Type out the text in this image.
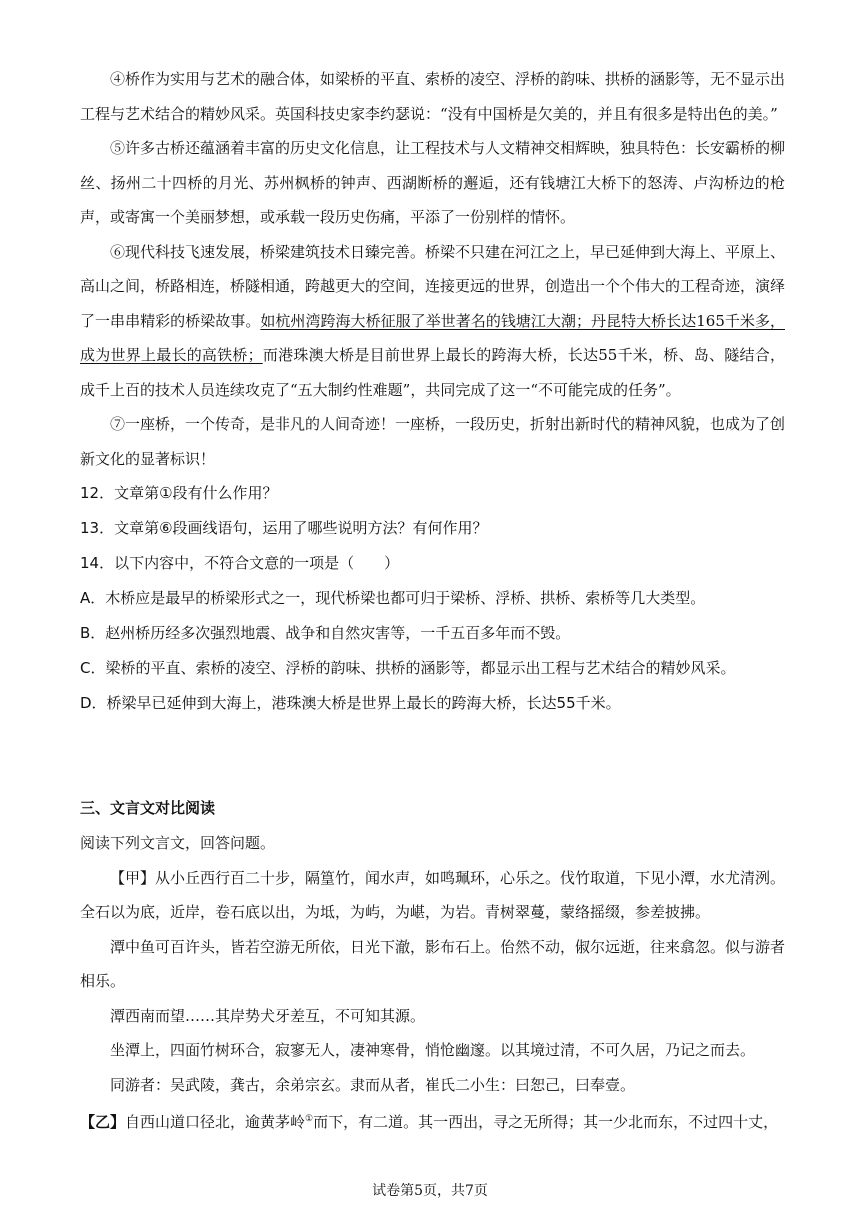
④桥作为实用与艺术的融合体，如梁桥的平直、索桥的凌空、浮桥的韵味、拱桥的涵影等，无不显示出工程与艺术结合的精妙风采。英国科技史家李约瑟说：“没有中国桥是欠美的，并且有很多是特出色的美。”

⑤许多古桥还蕴涵着丰富的历史文化信息，让工程技术与人文精神交相辉映，独具特色：长安霸桥的柳丝、扬州二十四桥的月光、苏州枫桥的钟声、西湖断桥的邂逅，还有钱塘江大桥下的怒涛、卢沟桥边的枪声，或寄寓一个美丽梦想，或承载一段历史伤痛，平添了一份别样的情怀。

⑥现代科技飞速发展，桥梁建筑技术日臻完善。桥梁不只建在河江之上，早已延伸到大海上、平原上、高山之间，桥路相连，桥隧相通，跨越更大的空间，连接更远的世界，创造出一个个伟大的工程奇迹，演绎了一串串精彩的桥梁故事。如杭州湾跨海大桥征服了举世著名的钱塘江大潮；丹昆特大桥长达165千米多，成为世界上最长的高铁桥；而港珠澳大桥是目前世界上最长的跨海大桥，长达55千米，桥、岛、隧结合，成千上百的技术人员连续攻克了“五大制约性难题”，共同完成了这一“不可能完成的任务”。

⑦一座桥，一个传奇，是非凡的人间奇迹！一座桥，一段历史，折射出新时代的精神风貌，也成为了创新文化的显著标识！

12．文章第①段有什么作用？

13．文章第⑥段画线语句，运用了哪些说明方法？有何作用？

14．以下内容中，不符合文意的一项是（　　）

A．木桥应是最早的桥梁形式之一，现代桥梁也都可归于梁桥、浮桥、拱桥、索桥等几大类型。

B．赵州桥历经多次强烈地震、战争和自然灾害等，一千五百多年而不毁。

C．梁桥的平直、索桥的凌空、浮桥的韵味、拱桥的涵影等，都显示出工程与艺术结合的精妙风采。

D．桥梁早已延伸到大海上，港珠澳大桥是世界上最长的跨海大桥，长达55千米。

三、文言文对比阅读

阅读下列文言文，回答问题。

【甲】从小丘西行百二十步，隔篁竹，闻水声，如鸣珮环，心乐之。伐竹取道，下见小潭，水尤清洌。全石以为底，近岸，卷石底以出，为坻，为屿，为嵁，为岩。青树翠蔓，蒙络摇缀，参差披拂。

潭中鱼可百许头，皆若空游无所依，日光下澈，影布石上。佁然不动，俶尔远逝，往来翕忽。似与游者相乐。

潭西南而望……其岸势犬牙差互，不可知其源。

坐潭上，四面竹树环合，寂寥无人，凄神寒骨，悄怆幽邃。以其境过清，不可久居，乃记之而去。

同游者：吴武陵，龚古，余弟宗玄。隶而从者，崔氏二小生：曰恕己，曰奉壹。

【乙】自西山道口径北，逾黄茅岭①而下，有二道。其一西出，寻之无所得；其一少北而东，不过四十丈，

试卷第5页，共7页
